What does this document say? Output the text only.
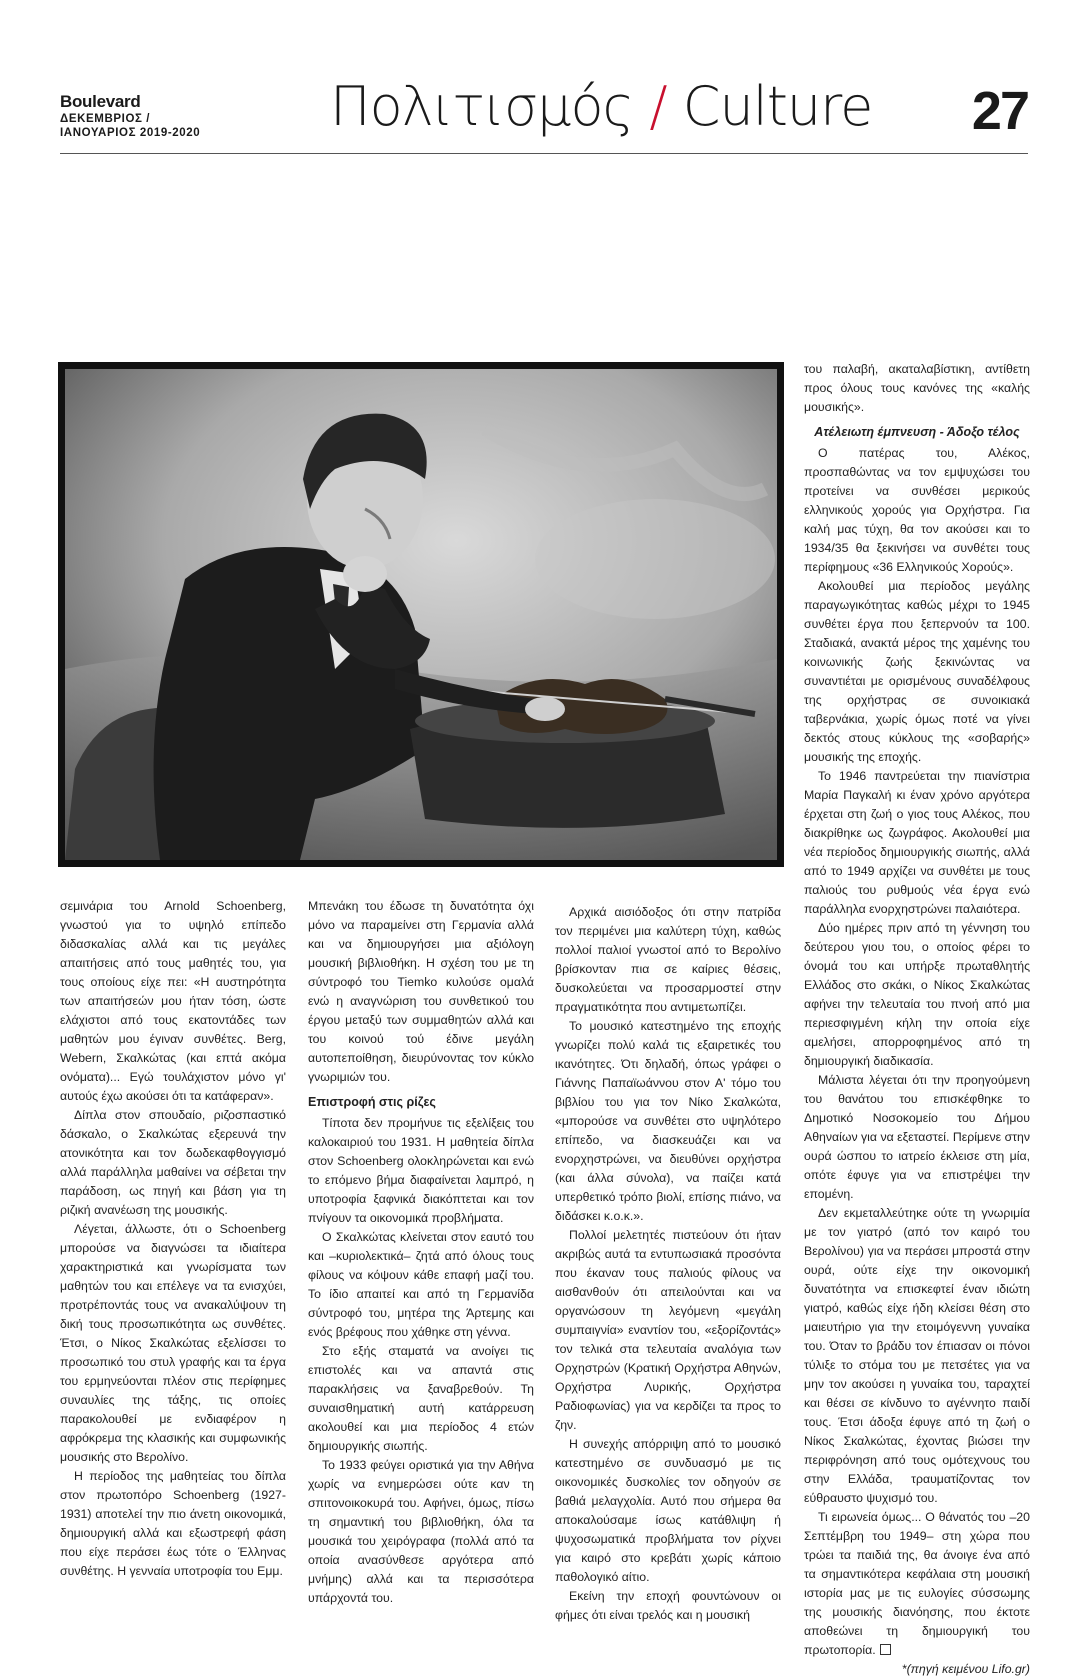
Boulevard
ΔΕΚΕΜΒΡΙΟΣ /
ΙΑΝΟΥΑΡΙΟΣ 2019-2020 Πολιτισμός / Culture 27

σεμινάρια του Arnold Schoenberg, γνωστού για το υψηλό επίπεδο διδασκαλίας αλλά και τις μεγάλες απαιτήσεις από τους μαθητές του, για τους οποίους είχε πει: «Η αυστηρότητα των απαιτήσεών μου ήταν τόση, ώστε ελάχιστοι από τους εκατοντάδες των μαθητών μου έγιναν συνθέτες. Berg, Webern, Σκαλκώτας (και επτά ακόμα ονόματα)... Εγώ τουλάχιστον μόνο γι' αυτούς έχω ακούσει ότι τα κατάφεραν».

Δίπλα στον σπουδαίο, ριζοσπαστικό δάσκαλο, ο Σκαλκώτας εξερευνά την ατονικότητα και τον δωδεκαφθογγισμό αλλά παράλληλα μαθαίνει να σέβεται την παράδοση, ως πηγή και βάση για τη ριζική ανανέωση της μουσικής.

Λέγεται, άλλωστε, ότι ο Schoenberg μπορούσε να διαγνώσει τα ιδιαίτερα χαρακτηριστικά και γνωρίσματα των μαθητών του και επέλεγε να τα ενισχύει, προτρέποντάς τους να ανακαλύψουν τη δική τους προσωπικότητα ως συνθέτες. Έτσι, ο Νίκος Σκαλκώτας εξελίσσει το προσωπικό του στυλ γραφής και τα έργα του ερμηνεύονται πλέον στις περίφημες συναυλίες της τάξης, τις οποίες παρακολουθεί με ενδιαφέρον η αφρόκρεμα της κλασικής και συμφωνικής μουσικής στο Βερολίνο.

Η περίοδος της μαθητείας του δίπλα στον πρωτοπόρο Schoenberg (1927-1931) αποτελεί την πιο άνετη οικονομικά, δημιουργική αλλά και εξωστρεφή φάση που είχε περάσει έως τότε ο Έλληνας συνθέτης. Η γενναία υποτροφία του Εμμ.

Μπενάκη του έδωσε τη δυνατότητα όχι μόνο να παραμείνει στη Γερμανία αλλά και να δημιουργήσει μια αξιόλογη μουσική βιβλιοθήκη. Η σχέση του με τη σύντροφό του Tiemko κυλούσε ομαλά ενώ η αναγνώριση του συνθετικού του έργου μεταξύ των συμμαθητών αλλά και του κοινού τού έδινε μεγάλη αυτοπεποίθηση, διευρύνοντας τον κύκλο γνωριμιών του.

Επιστροφή στις ρίζες

Τίποτα δεν προμήνυε τις εξελίξεις του καλοκαιριού του 1931. Η μαθητεία δίπλα στον Schoenberg ολοκληρώνεται και ενώ το επόμενο βήμα διαφαίνεται λαμπρό, η υποτροφία ξαφνικά διακόπτεται και τον πνίγουν τα οικονομικά προβλήματα.

Ο Σκαλκώτας κλείνεται στον εαυτό του και –κυριολεκτικά– ζητά από όλους τους φίλους να κόψουν κάθε επαφή μαζί του. Το ίδιο απαιτεί και από τη Γερμανίδα σύντροφό του, μητέρα της Άρτεμης και ενός βρέφους που χάθηκε στη γέννα.

Στο εξής σταματά να ανοίγει τις επιστολές και να απαντά στις παρακλήσεις να ξαναβρεθούν. Τη συναισθηματική αυτή κατάρρευση ακολουθεί και μια περίοδος 4 ετών δημιουργικής σιωπής.

Το 1933 φεύγει οριστικά για την Αθήνα χωρίς να ενημερώσει ούτε καν τη σπιτονοικοκυρά του. Αφήνει, όμως, πίσω τη σημαντική του βιβλιοθήκη, όλα τα μουσικά του χειρόγραφα (πολλά από τα οποία ανασύνθεσε αργότερα από μνήμης) αλλά και τα περισσότερα υπάρχοντά του.

Αρχικά αισιόδοξος ότι στην πατρίδα τον περιμένει μια καλύτερη τύχη, καθώς πολλοί παλιοί γνωστοί από το Βερολίνο βρίσκονταν πια σε καίριες θέσεις, δυσκολεύεται να προσαρμοστεί στην πραγματικότητα που αντιμετωπίζει.

Το μουσικό κατεστημένο της εποχής γνωρίζει πολύ καλά τις εξαιρετικές του ικανότητες. Ότι δηλαδή, όπως γράφει ο Γιάννης Παπαϊωάννου στον Α' τόμο του βιβλίου του για τον Νίκο Σκαλκώτα, «μπορούσε να συνθέτει στο υψηλότερο επίπεδο, να διασκευάζει και να ενορχηστρώνει, να διευθύνει ορχήστρα (και άλλα σύνολα), να παίζει κατά υπερθετικό τρόπο βιολί, επίσης πιάνο, να διδάσκει κ.ο.κ.».

Πολλοί μελετητές πιστεύουν ότι ήταν ακριβώς αυτά τα εντυπωσιακά προσόντα που έκαναν τους παλιούς φίλους να αισθανθούν ότι απειλούνται και να οργανώσουν τη λεγόμενη «μεγάλη συμπαιγνία» εναντίον του, «εξορίζοντάς» τον τελικά στα τελευταία αναλόγια των Ορχηστρών (Κρατική Ορχήστρα Αθηνών, Ορχήστρα Λυρικής, Ορχήστρα Ραδιοφωνίας) για να κερδίζει τα προς το ζην.

Η συνεχής απόρριψη από το μουσικό κατεστημένο σε συνδυασμό με τις οικονομικές δυσκολίες τον οδηγούν σε βαθιά μελαγχολία. Αυτό που σήμερα θα αποκαλούσαμε ίσως κατάθλιψη ή ψυχοσωματικά προβλήματα τον ρίχνει για καιρό στο κρεβάτι χωρίς κάποιο παθολογικό αίτιο.

Εκείνη την εποχή φουντώνουν οι φήμες ότι είναι τρελός και η μουσική

του παλαβή, ακαταλαβίστικη, αντίθετη προς όλους τους κανόνες της «καλής μουσικής».

Ατέλειωτη έμπνευση - Άδοξο τέλος

Ο πατέρας του, Αλέκος, προσπαθώντας να τον εμψυχώσει του προτείνει να συνθέσει μερικούς ελληνικούς χορούς για Ορχήστρα. Για καλή μας τύχη, θα τον ακούσει και το 1934/35 θα ξεκινήσει να συνθέτει τους περίφημους «36 Ελληνικούς Χορούς».

Ακολουθεί μια περίοδος μεγάλης παραγωγικότητας καθώς μέχρι το 1945 συνθέτει έργα που ξεπερνούν τα 100. Σταδιακά, ανακτά μέρος της χαμένης του κοινωνικής ζωής ξεκινώντας να συναντιέται με ορισμένους συναδέλφους της ορχήστρας σε συνοικιακά ταβερνάκια, χωρίς όμως ποτέ να γίνει δεκτός στους κύκλους της «σοβαρής» μουσικής της εποχής.

Το 1946 παντρεύεται την πιανίστρια Μαρία Παγκαλή κι έναν χρόνο αργότερα έρχεται στη ζωή ο γιος τους Αλέκος, που διακρίθηκε ως ζωγράφος. Ακολουθεί μια νέα περίοδος δημιουργικής σιωπής, αλλά από το 1949 αρχίζει να συνθέτει με τους παλιούς του ρυθμούς νέα έργα ενώ παράλληλα ενορχηστρώνει παλαιότερα.

Δύο ημέρες πριν από τη γέννηση του δεύτερου γιου του, ο οποίος φέρει το όνομά του και υπήρξε πρωταθλητής Ελλάδος στο σκάκι, ο Νίκος Σκαλκώτας αφήνει την τελευταία του πνοή από μια περιεσφιγμένη κήλη την οποία είχε αμελήσει, απορροφημένος από τη δημιουργική διαδικασία.

Μάλιστα λέγεται ότι την προηγούμενη του θανάτου του επισκέφθηκε το Δημοτικό Νοσοκομείο του Δήμου Αθηναίων για να εξεταστεί. Περίμενε στην ουρά ώσπου το ιατρείο έκλεισε στη μία, οπότε έφυγε για να επιστρέψει την επομένη.

Δεν εκμεταλλεύτηκε ούτε τη γνωριμία με τον γιατρό (από τον καιρό του Βερολίνου) για να περάσει μπροστά στην ουρά, ούτε είχε την οικονομική δυνατότητα να επισκεφτεί έναν ιδιώτη γιατρό, καθώς είχε ήδη κλείσει θέση στο μαιευτήριο για την ετοιμόγεννη γυναίκα του. Όταν το βράδυ τον έπιασαν οι πόνοι τύλιξε το στόμα του με πετσέτες για να μην τον ακούσει η γυναίκα του, ταραχτεί και θέσει σε κίνδυνο το αγέννητο παιδί τους. Έτσι άδοξα έφυγε από τη ζωή ο Νίκος Σκαλκώτας, έχοντας βιώσει την περιφρόνηση από τους ομότεχνους του στην Ελλάδα, τραυματίζοντας τον εύθραυστο ψυχισμό του.

Τι ειρωνεία όμως... Ο θάνατός του –20 Σεπτέμβρη του 1949– στη χώρα που τρώει τα παιδιά της, θα άνοιγε ένα από τα σημαντικότερα κεφάλαια στη μουσική ιστορία μας με τις ευλογίες σύσσωμης της μουσικής διανόησης, που έκτοτε αποθεώνει τη δημιουργική του πρωτοπορία.

*(πηγή κειμένου Lifo.gr)
